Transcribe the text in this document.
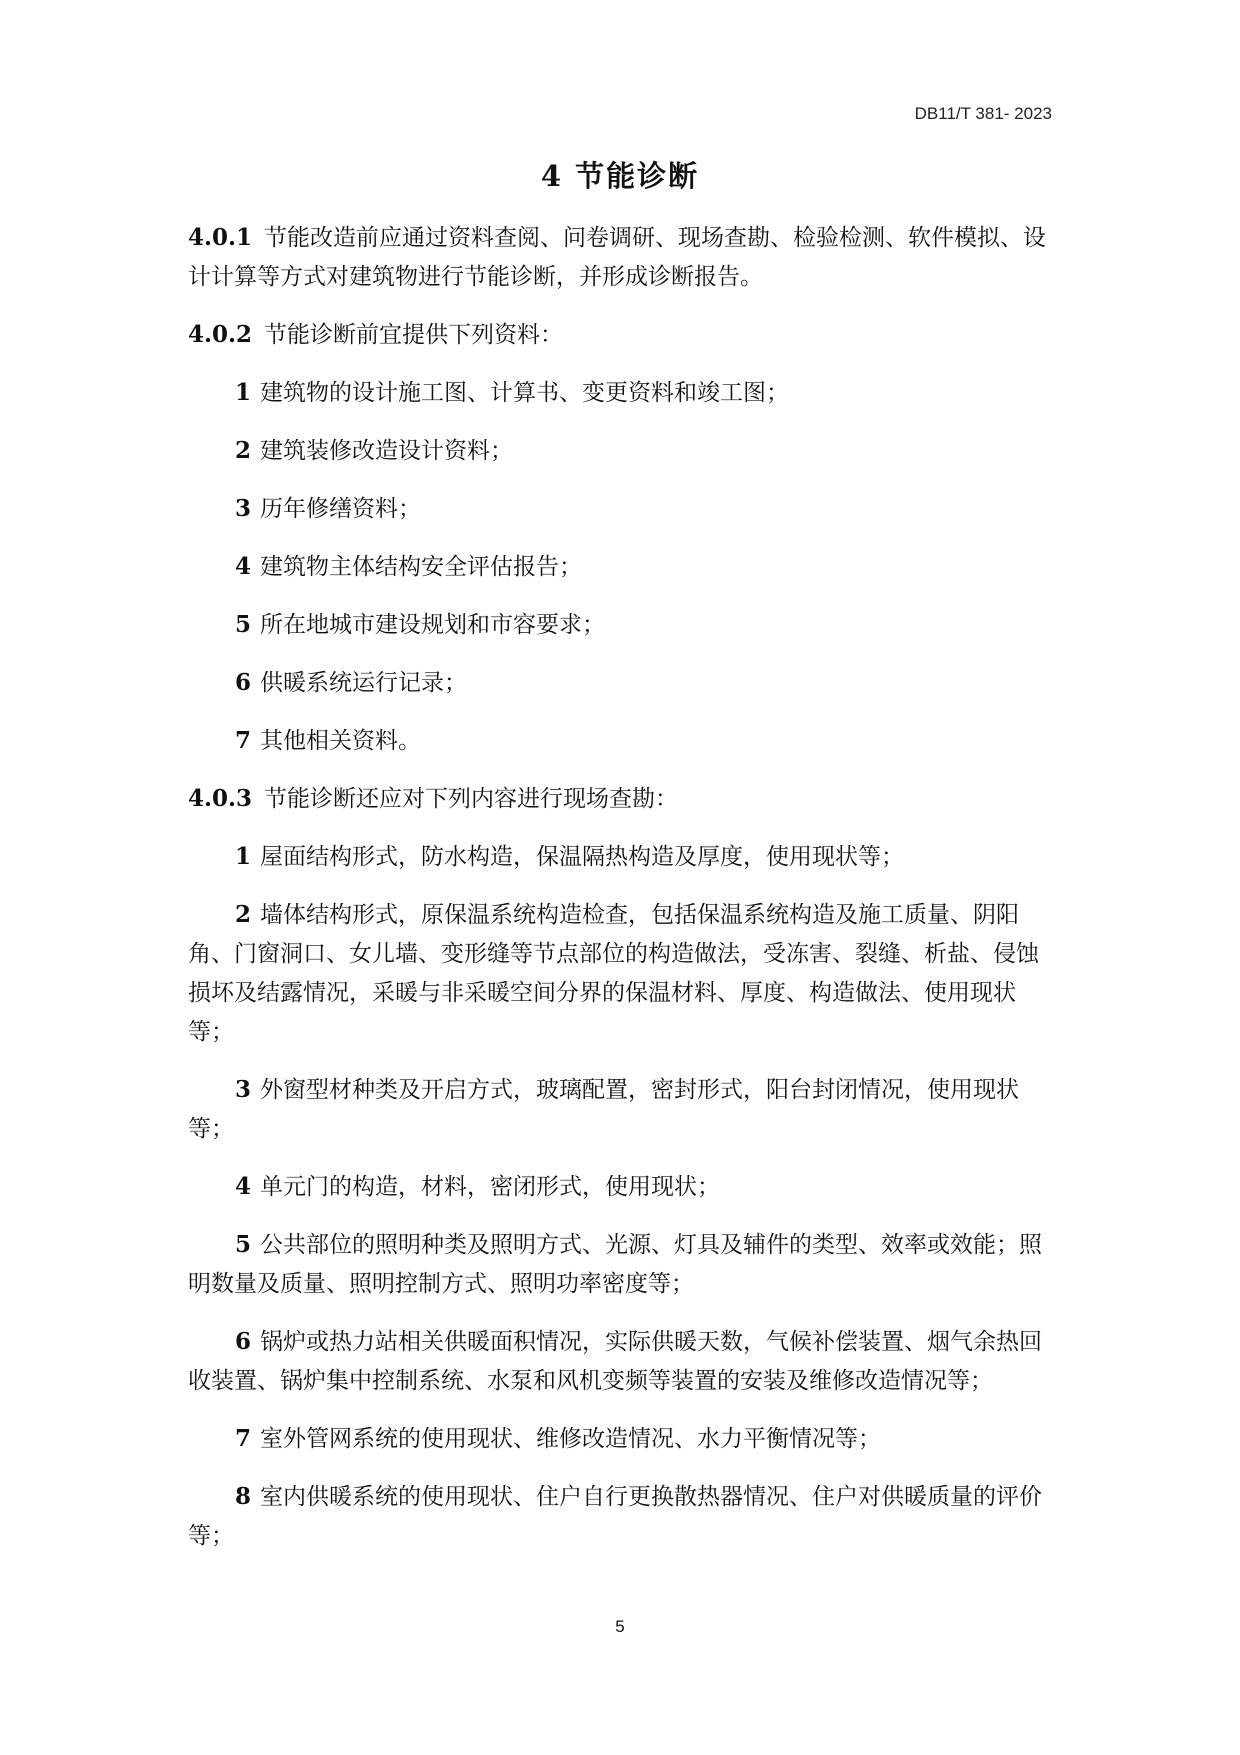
DB11/T 381- 2023
4 节能诊断

4.0.1 节能改造前应通过资料查阅、问卷调研、现场查勘、检验检测、软件模拟、设计计算等方式对建筑物进行节能诊断，并形成诊断报告。

4.0.2 节能诊断前宜提供下列资料：

1 建筑物的设计施工图、计算书、变更资料和竣工图；

2 建筑装修改造设计资料；

3 历年修缮资料；

4 建筑物主体结构安全评估报告；

5 所在地城市建设规划和市容要求；

6 供暖系统运行记录；

7 其他相关资料。

4.0.3 节能诊断还应对下列内容进行现场查勘：

1 屋面结构形式，防水构造，保温隔热构造及厚度，使用现状等；

2 墙体结构形式，原保温系统构造检查，包括保温系统构造及施工质量、阴阳角、门窗洞口、女儿墙、变形缝等节点部位的构造做法，受冻害、裂缝、析盐、侵蚀损坏及结露情况，采暖与非采暖空间分界的保温材料、厚度、构造做法、使用现状等；

3 外窗型材种类及开启方式，玻璃配置，密封形式，阳台封闭情况，使用现状等；

4 单元门的构造，材料，密闭形式，使用现状；

5 公共部位的照明种类及照明方式、光源、灯具及辅件的类型、效率或效能；照明数量及质量、照明控制方式、照明功率密度等；

6 锅炉或热力站相关供暖面积情况，实际供暖天数，气候补偿装置、烟气余热回收装置、锅炉集中控制系统、水泵和风机变频等装置的安装及维修改造情况等；

7 室外管网系统的使用现状、维修改造情况、水力平衡情况等；

8 室内供暖系统的使用现状、住户自行更换散热器情况、住户对供暖质量的评价等；

5
